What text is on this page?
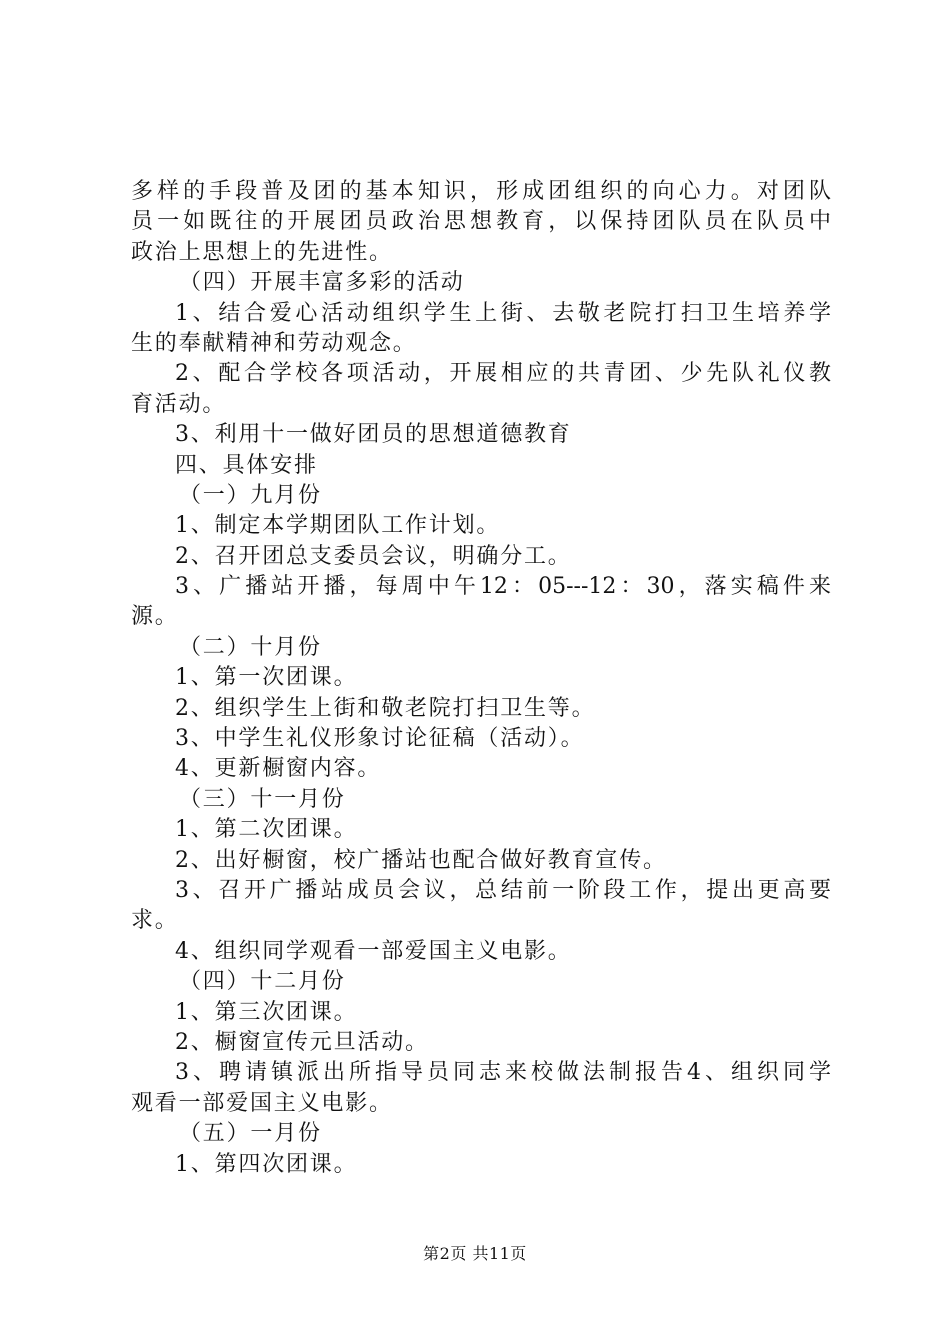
多样的手段普及团的基本知识，形成团组织的向心力。对团队
员一如既往的开展团员政治思想教育，以保持团队员在队员中
政治上思想上的先进性。
（四）开展丰富多彩的活动
1、结合爱心活动组织学生上街、去敬老院打扫卫生培养学
生的奉献精神和劳动观念。
2、配合学校各项活动，开展相应的共青团、少先队礼仪教
育活动。
3、利用十一做好团员的思想道德教育
四、具体安排
（一）九月份
1、制定本学期团队工作计划。
2、召开团总支委员会议，明确分工。
3、广播站开播，每周中午12：05---12：30，落实稿件来
源。
（二）十月份
1、第一次团课。
2、组织学生上街和敬老院打扫卫生等。
3、中学生礼仪形象讨论征稿（活动）。
4、更新橱窗内容。
（三）十一月份
1、第二次团课。
2、出好橱窗，校广播站也配合做好教育宣传。
3、召开广播站成员会议，总结前一阶段工作，提出更高要
求。
4、组织同学观看一部爱国主义电影。
（四）十二月份
1、第三次团课。
2、橱窗宣传元旦活动。
3、聘请镇派出所指导员同志来校做法制报告4、组织同学
观看一部爱国主义电影。
（五）一月份
1、第四次团课。
第2页 共11页
